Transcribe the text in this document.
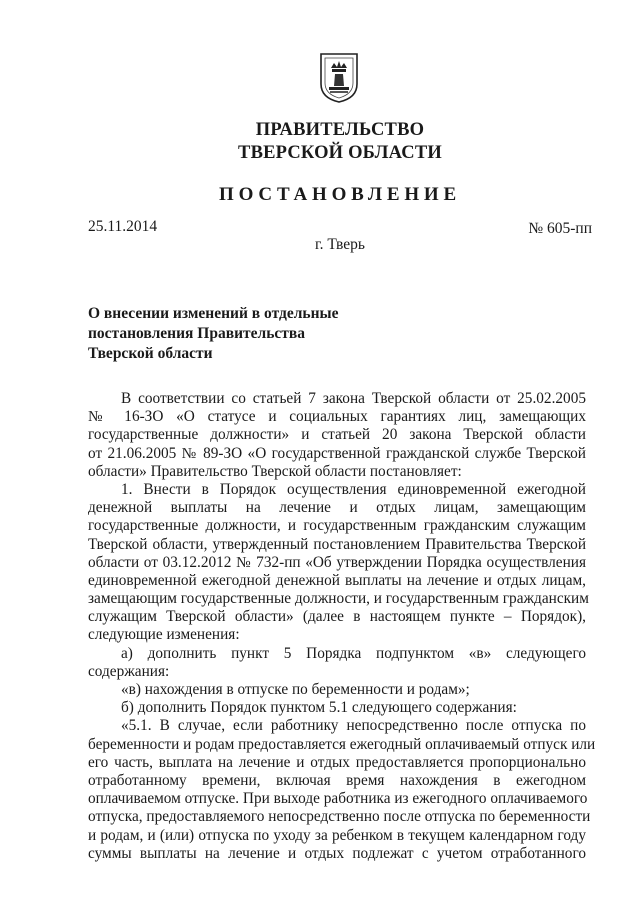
ПРАВИТЕЛЬСТВО
ТВЕРСКОЙ ОБЛАСТИ
ПОСТАНОВЛЕНИЕ
25.11.2014	№ 605-пп
г. Тверь
О внесении изменений в отдельные
постановления Правительства
Тверской области
В соответствии со статьей 7 закона Тверской области от 25.02.2005
№ 16-ЗО «О статусе и социальных гарантиях лиц, замещающих
государственные должности» и статьей 20 закона Тверской области
от 21.06.2005 № 89-ЗО «О государственной гражданской службе Тверской
области» Правительство Тверской области постановляет:
1. Внести в Порядок осуществления единовременной ежегодной
денежной выплаты на лечение и отдых лицам, замещающим
государственные должности, и государственным гражданским служащим
Тверской области, утвержденный постановлением Правительства Тверской
области от 03.12.2012 № 732-пп «Об утверждении Порядка осуществления
единовременной ежегодной денежной выплаты на лечение и отдых лицам,
замещающим государственные должности, и государственным гражданским
служащим Тверской области» (далее в настоящем пункте – Порядок),
следующие изменения:
а) дополнить пункт 5 Порядка подпунктом «в» следующего
содержания:
«в) нахождения в отпуске по беременности и родам»;
б) дополнить Порядок пунктом 5.1 следующего содержания:
«5.1. В случае, если работнику непосредственно после отпуска по
беременности и родам предоставляется ежегодный оплачиваемый отпуск или
его часть, выплата на лечение и отдых предоставляется пропорционально
отработанному времени, включая время нахождения в ежегодном
оплачиваемом отпуске. При выходе работника из ежегодного оплачиваемого
отпуска, предоставляемого непосредственно после отпуска по беременности
и родам, и (или) отпуска по уходу за ребенком в текущем календарном году
суммы выплаты на лечение и отдых подлежат с учетом отработанного
